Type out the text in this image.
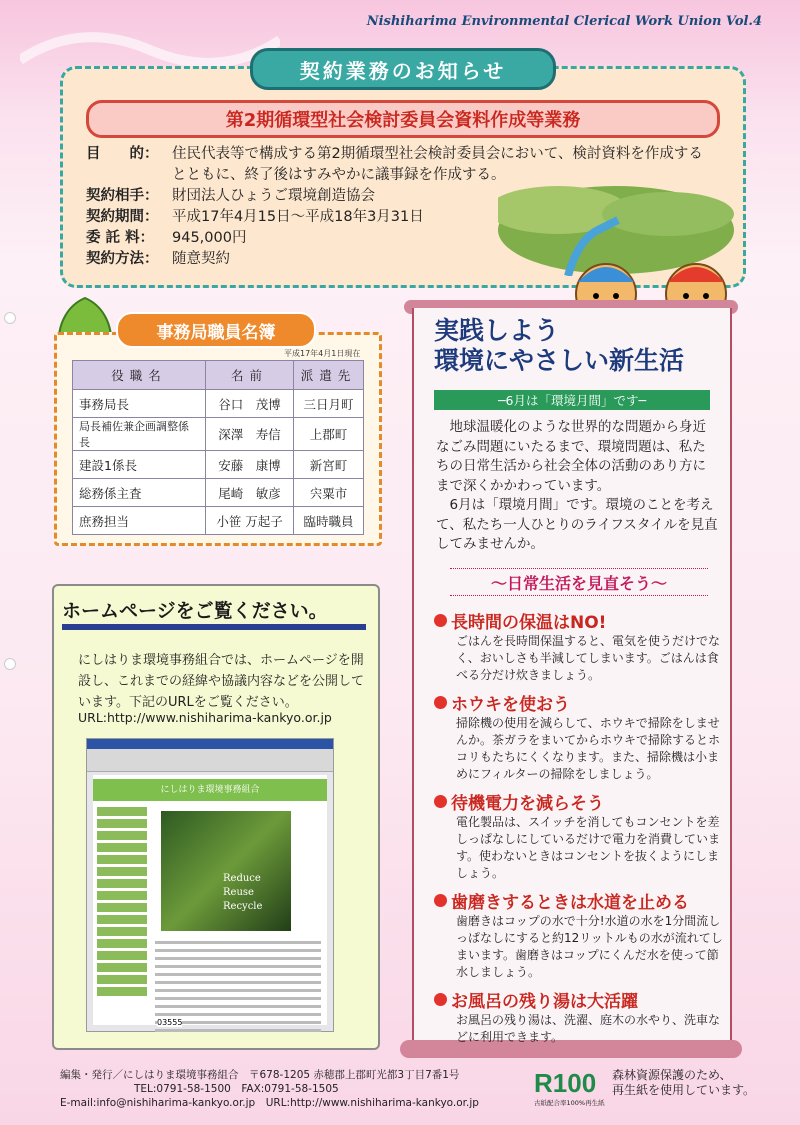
Nishiharima Environmental Clerical Work Union Vol.4
契約業務のお知らせ
第2期循環型社会検討委員会資料作成等業務
目　　的： 住民代表等で構成する第2期循環型社会検討委員会において、検討資料を作成するとともに、終了後はすみやかに議事録を作成する。
契約相手： 財団法人ひょうご環境創造協会
契約期間： 平成17年4月15日～平成18年3月31日
委 託 料：	945,000円
契約方法： 随意契約
事務局職員名簿
平成17年4月1日現在
役職名	名前	派遣先
事務局長	谷口　茂博	三日月町
局長補佐兼企画調整係長	深澤　寿信	上郡町
建設1係長	安藤　康博	新宮町
総務係主査	尾崎　敏彦	宍粟市
庶務担当	小笹 万起子	臨時職員
ホームページをご覧ください。
にしはりま環境事務組合では、ホームページを開設し、これまでの経緯や協議内容などを公開しています。下記のURLをご覧ください。
URL:http://www.nishiharima-kankyo.or.jp
にしはりま環境事務組合
Reduce
Reuse
Recycle
03555
実践しよう
環境にやさしい新生活
─6月は「環境月間」です─

地球温暖化のような世界的な問題から身近なごみ問題にいたるまで、環境問題は、私たちの日常生活から社会全体の活動のあり方にまで深くかかわっています。

6月は「環境月間」です。環境のことを考えて、私たち一人ひとりのライフスタイルを見直してみませんか。

～日常生活を見直そう～
長時間の保温はNO!
ごはんを長時間保温すると、電気を使うだけでなく、おいしさも半減してしまいます。ごはんは食べる分だけ炊きましょう。
ホウキを使おう
掃除機の使用を減らして、ホウキで掃除をしませんか。茶ガラをまいてからホウキで掃除するとホコリもたちにくくなります。また、掃除機は小まめにフィルターの掃除をしましょう。
待機電力を減らそう
電化製品は、スイッチを消してもコンセントを差しっぱなしにしているだけで電力を消費しています。使わないときはコンセントを抜くようにしましょう。
歯磨きするときは水道を止める
歯磨きはコップの水で十分!水道の水を1分間流しっぱなしにすると約12リットルもの水が流れてしまいます。歯磨きはコップにくんだ水を使って節水しましょう。
お風呂の残り湯は大活躍
お風呂の残り湯は、洗濯、庭木の水やり、洗車などに利用できます。
編集・発行／にしはりま環境事務組合　〒678-1205 赤穂郡上郡町光都3丁目7番1号
TEL:0791-58-1500　FAX:0791-58-1505
E-mail:info@nishiharima-kankyo.or.jp　URL:http://www.nishiharima-kankyo.or.jp
R100
古紙配合率100%再生紙
森林資源保護のため、
再生紙を使用しています。
